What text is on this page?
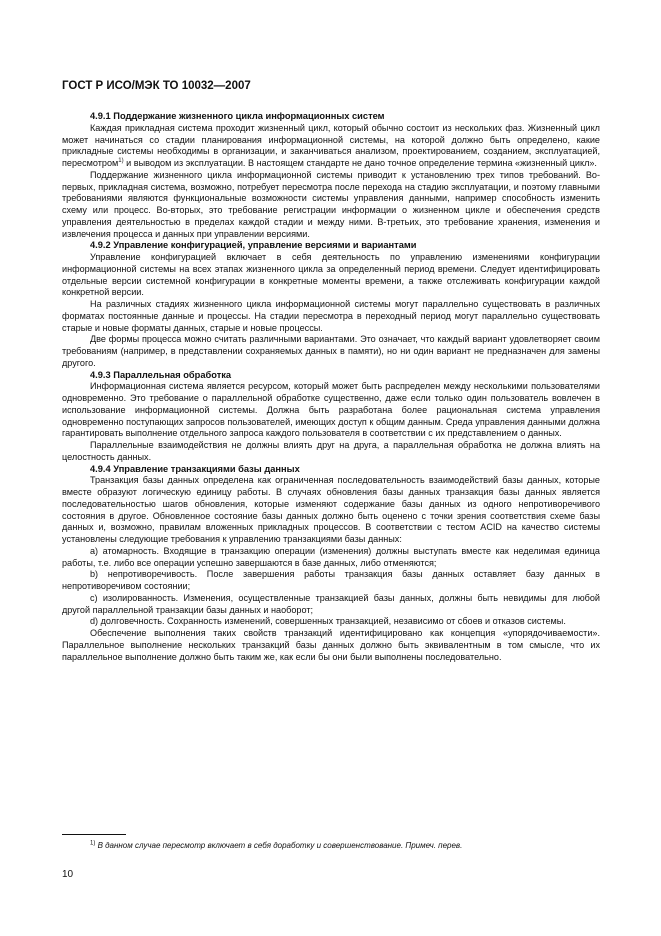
ГОСТ Р ИСО/МЭК ТО 10032—2007
4.9.1 Поддержание жизненного цикла информационных систем

Каждая прикладная система проходит жизненный цикл, который обычно состоит из нескольких фаз. Жизненный цикл может начинаться со стадии планирования информационной системы, на которой должно быть определено, какие прикладные системы необходимы в организации, и заканчиваться анализом, проектированием, созданием, эксплуатацией, пересмотром$^{1)}$ и выводом из эксплуатации. В настоящем стандарте не дано точное определение термина «жизненный цикл».

Поддержание жизненного цикла информационной системы приводит к установлению трех типов требований. Во-первых, прикладная система, возможно, потребует пересмотра после перехода на стадию эксплуатации, и поэтому главными требованиями являются функциональные возможности системы управления данными, например способность изменить схему или процесс. Во-вторых, это требование регистрации информации о жизненном цикле и обеспечения средств управления деятельностью в пределах каждой стадии и между ними. В-третьих, это требование хранения, изменения и извлечения процесса и данных при управлении версиями.

4.9.2 Управление конфигурацией, управление версиями и вариантами

Управление конфигурацией включает в себя деятельность по управлению изменениями конфигурации информационной системы на всех этапах жизненного цикла за определенный период времени. Следует идентифицировать отдельные версии системной конфигурации в конкретные моменты времени, а также отслеживать конфигурации каждой конкретной версии.

На различных стадиях жизненного цикла информационной системы могут параллельно существовать в различных форматах постоянные данные и процессы. На стадии пересмотра в переходный период могут параллельно существовать старые и новые форматы данных, старые и новые процессы.

Две формы процесса можно считать различными вариантами. Это означает, что каждый вариант удовлетворяет своим требованиям (например, в представлении сохраняемых данных в памяти), но ни один вариант не предназначен для замены другого.

4.9.3 Параллельная обработка

Информационная система является ресурсом, который может быть распределен между несколькими пользователями одновременно. Это требование о параллельной обработке существенно, даже если только один пользователь вовлечен в использование информационной системы. Должна быть разработана более рациональная система управления одновременно поступающих запросов пользователей, имеющих доступ к общим данным. Среда управления данными должна гарантировать выполнение отдельного запроса каждого пользователя в соответствии с их представлением о данных.

Параллельные взаимодействия не должны влиять друг на друга, а параллельная обработка не должна влиять на целостность данных.

4.9.4 Управление транзакциями базы данных

Транзакция базы данных определена как ограниченная последовательность взаимодействий базы данных, которые вместе образуют логическую единицу работы. В случаях обновления базы данных транзакция базы данных является последовательностью шагов обновления, которые изменяют содержание базы данных из одного непротиворечивого состояния в другое. Обновленное состояние базы данных должно быть оценено с точки зрения соответствия схеме базы данных и, возможно, правилам вложенных прикладных процессов. В соответствии с тестом ACID на качество системы установлены следующие требования к управлению транзакциями базы данных:

а) атомарность. Входящие в транзакцию операции (изменения) должны выступать вместе как неделимая единица работы, т.е. либо все операции успешно завершаются в базе данных, либо отменяются;

b) непротиворечивость. После завершения работы транзакция базы данных оставляет базу данных в непротиворечивом состоянии;

c) изолированность. Изменения, осуществленные транзакцией базы данных, должны быть невидимы для любой другой параллельной транзакции базы данных и наоборот;

d) долговечность. Сохранность изменений, совершенных транзакцией, независимо от сбоев и отказов системы.

Обеспечение выполнения таких свойств транзакций идентифицировано как концепция «упорядочиваемости». Параллельное выполнение нескольких транзакций базы данных должно быть эквивалентным в том смысле, что их параллельное выполнение должно быть таким же, как если бы они были выполнены последовательно.

$^{1)}$ В данном случае пересмотр включает в себя доработку и совершенствование. Примеч. перев.
10
